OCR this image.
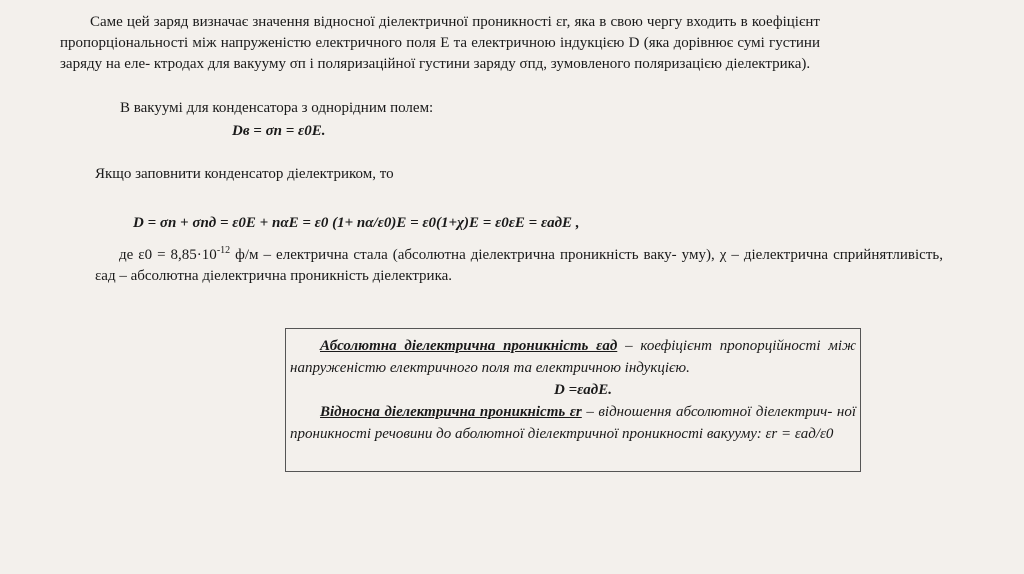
Саме цей заряд визначає значення відносної діелектричної проникності εr, яка в свою чергу входить в коефіцієнт пропорціональності між напруженістю електричного поля E та електричною індукцією D (яка дорівнює сумі густини заряду на еле- ктродах для вакууму σп і поляризаційної густини заряду σпд, зумовленого поляризацією діелектрика).

В вакуумі для конденсатора з однорідним полем:

Dв = σп = ε0E.

Якщо заповнити конденсатор діелектриком, то

D = σп + σпд = ε0E + nαE = ε0 (1+ nα/ε0)E = ε0(1+χ)E = ε0εE = εадE ,

де $\varepsilon 0 = 8,85\cdot 10^{-12}$ ф/м – електрична стала (абсолютна діелектрична проникність ваку- уму), χ – діелектрична сприйнятливість, εад – абсолютна діелектрична проникність діелектрика.

Абсолютна діелектрична проникність εад – коефіцієнт пропорційності між напруженістю електричного поля та електричною індукцією.

D =εадE.

Відносна діелектрична проникність εr – відношення абсолютної діелектрич- ної проникності речовини до аболютної діелектричної проникності вакууму: εr = εад/ε0
